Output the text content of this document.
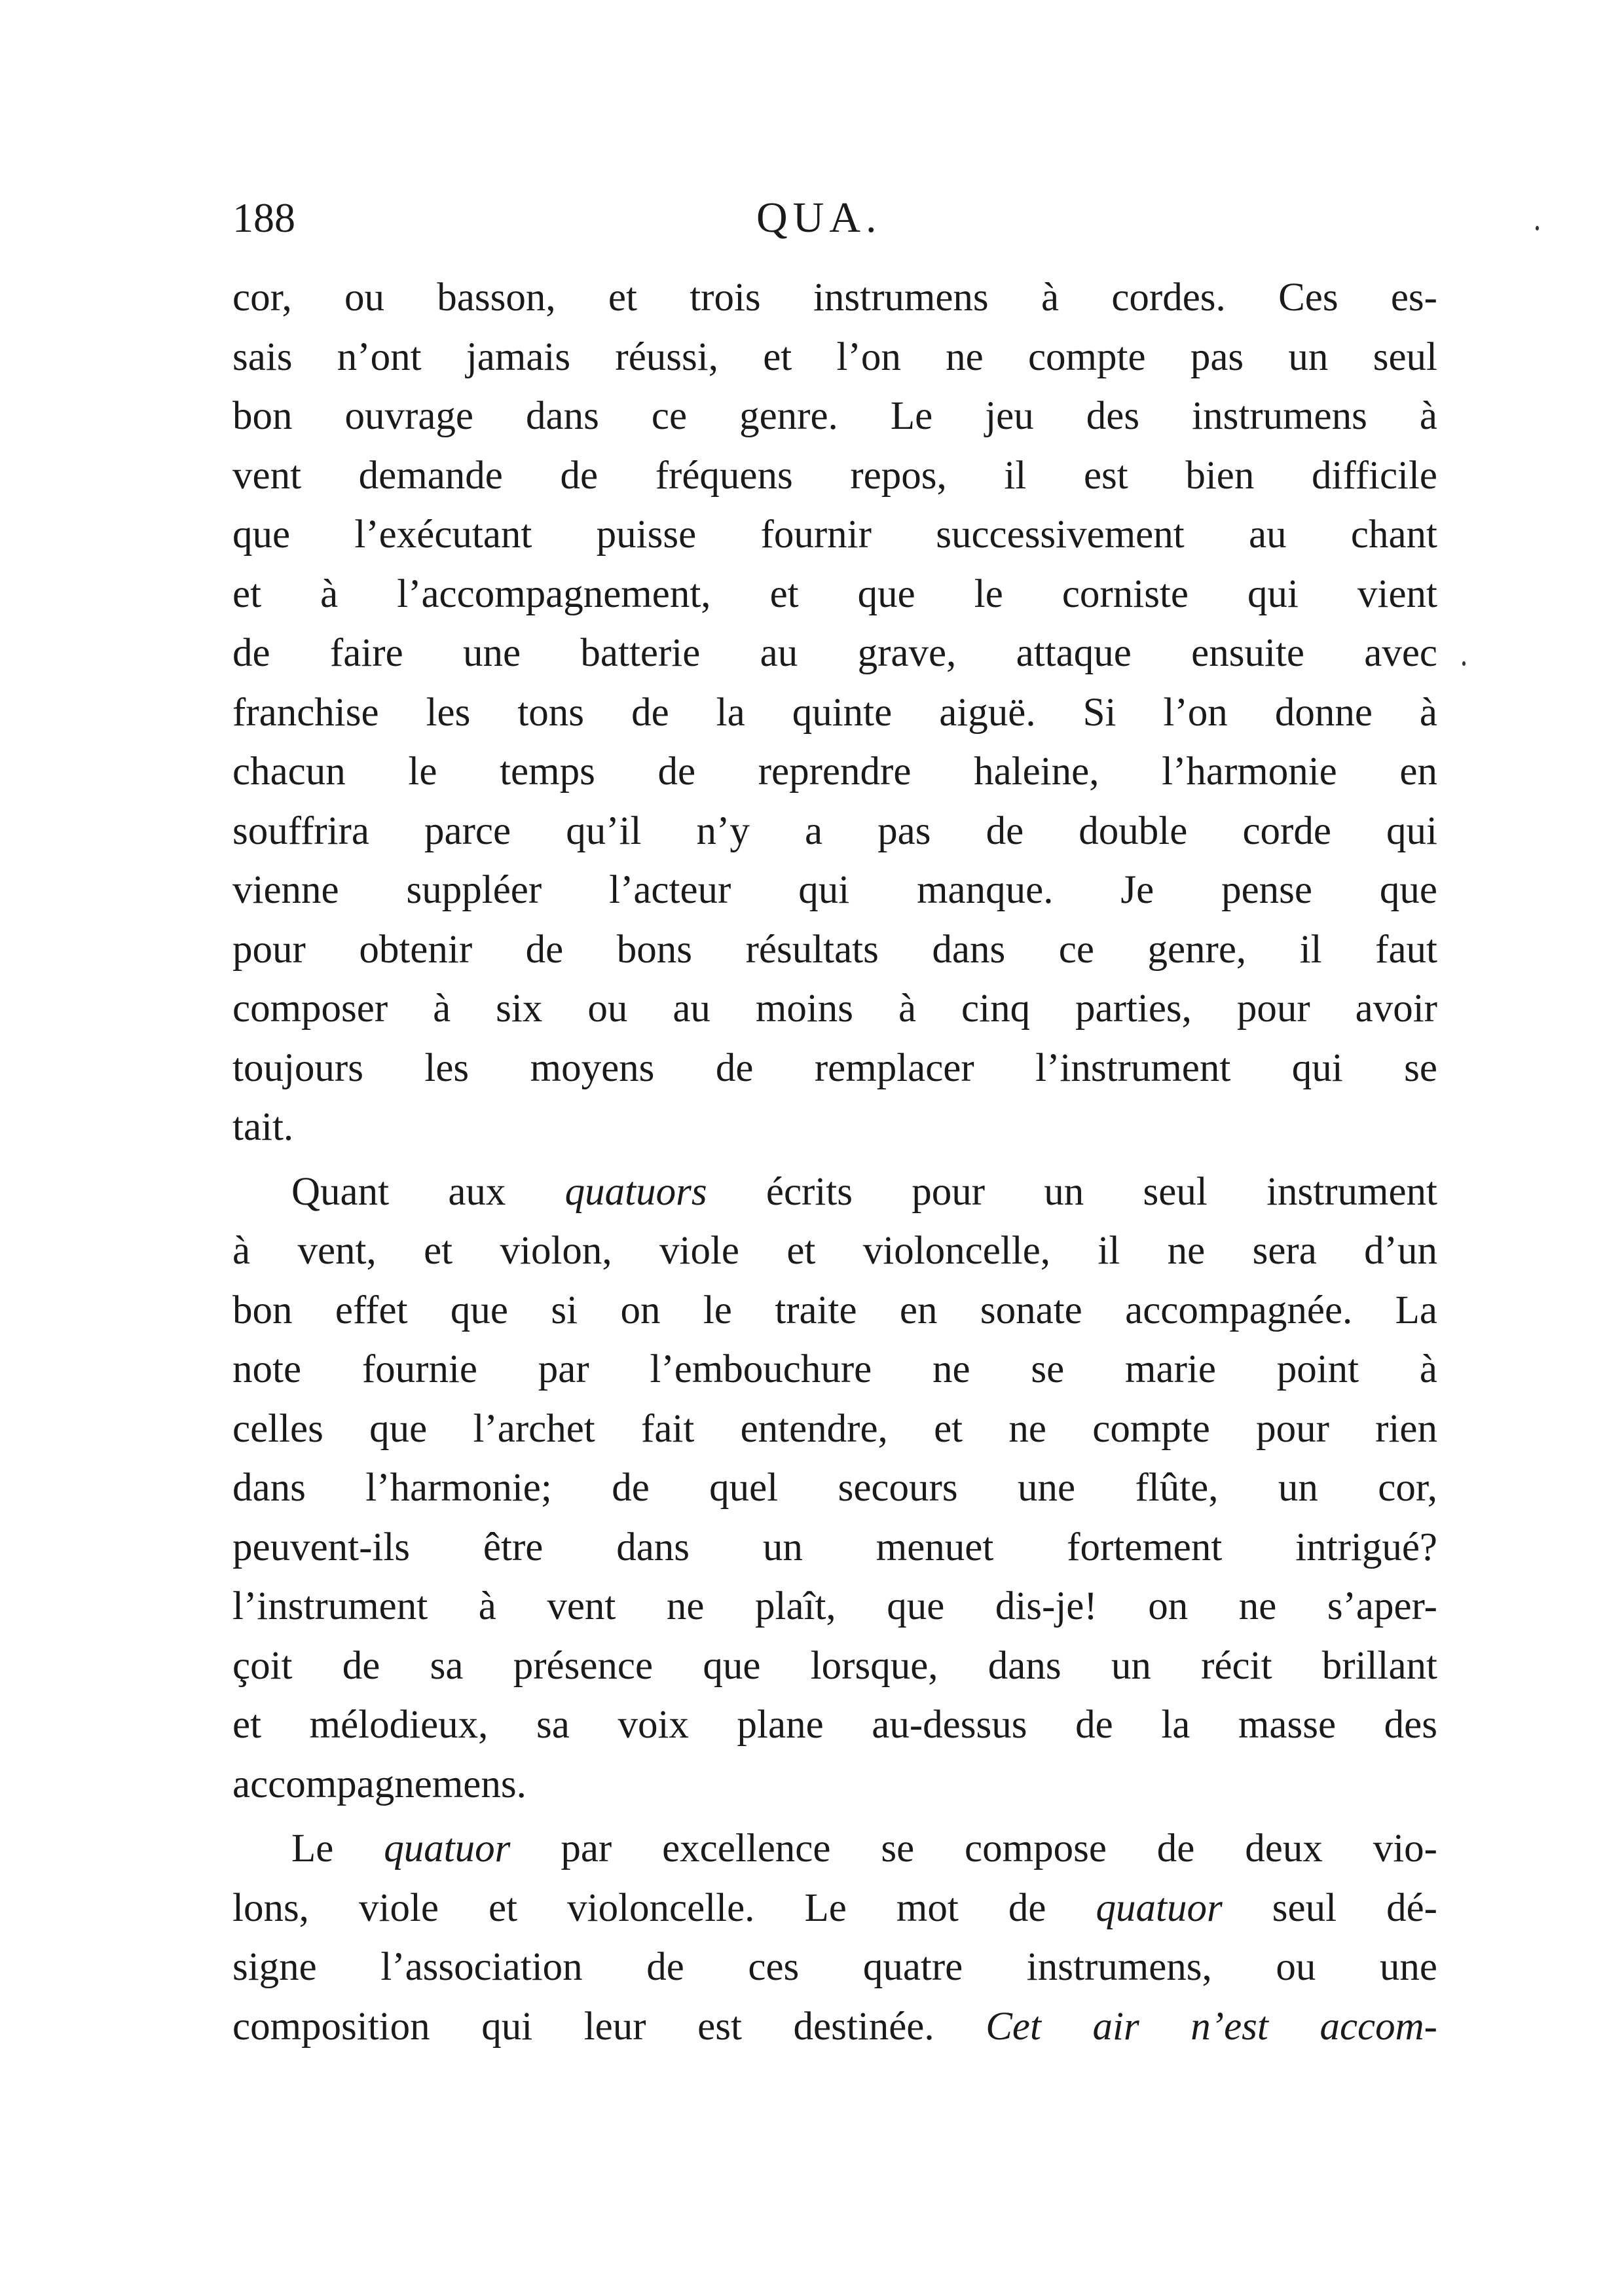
188	QUA.
cor, ou basson, et trois instrumens à cordes. Ces es-
sais n’ont jamais réussi, et l’on ne compte pas un seul
bon ouvrage dans ce genre. Le jeu des instrumens à
vent demande de fréquens repos, il est bien difficile
que l’exécutant puisse fournir successivement au chant
et à l’accompagnement, et que le corniste qui vient
de faire une batterie au grave, attaque ensuite avec
franchise les tons de la quinte aiguë. Si l’on donne à
chacun le temps de reprendre haleine, l’harmonie en
souffrira parce qu’il n’y a pas de double corde qui
vienne suppléer l’acteur qui manque. Je pense que
pour obtenir de bons résultats dans ce genre, il faut
composer à six ou au moins à cinq parties, pour avoir
toujours les moyens de remplacer l’instrument qui se
tait.
Quant aux quatuors écrits pour un seul instrument
à vent, et violon, viole et violoncelle, il ne sera d’un
bon effet que si on le traite en sonate accompagnée. La
note fournie par l’embouchure ne se marie point à
celles que l’archet fait entendre, et ne compte pour rien
dans l’harmonie; de quel secours une flûte, un cor,
peuvent-ils être dans un menuet fortement intrigué?
l’instrument à vent ne plaît, que dis-je! on ne s’aper-
çoit de sa présence que lorsque, dans un récit brillant
et mélodieux, sa voix plane au-dessus de la masse des
accompagnemens.
Le quatuor par excellence se compose de deux vio-
lons, viole et violoncelle. Le mot de quatuor seul dé-
signe l’association de ces quatre instrumens, ou une
composition qui leur est destinée. Cet air n’est accom-
